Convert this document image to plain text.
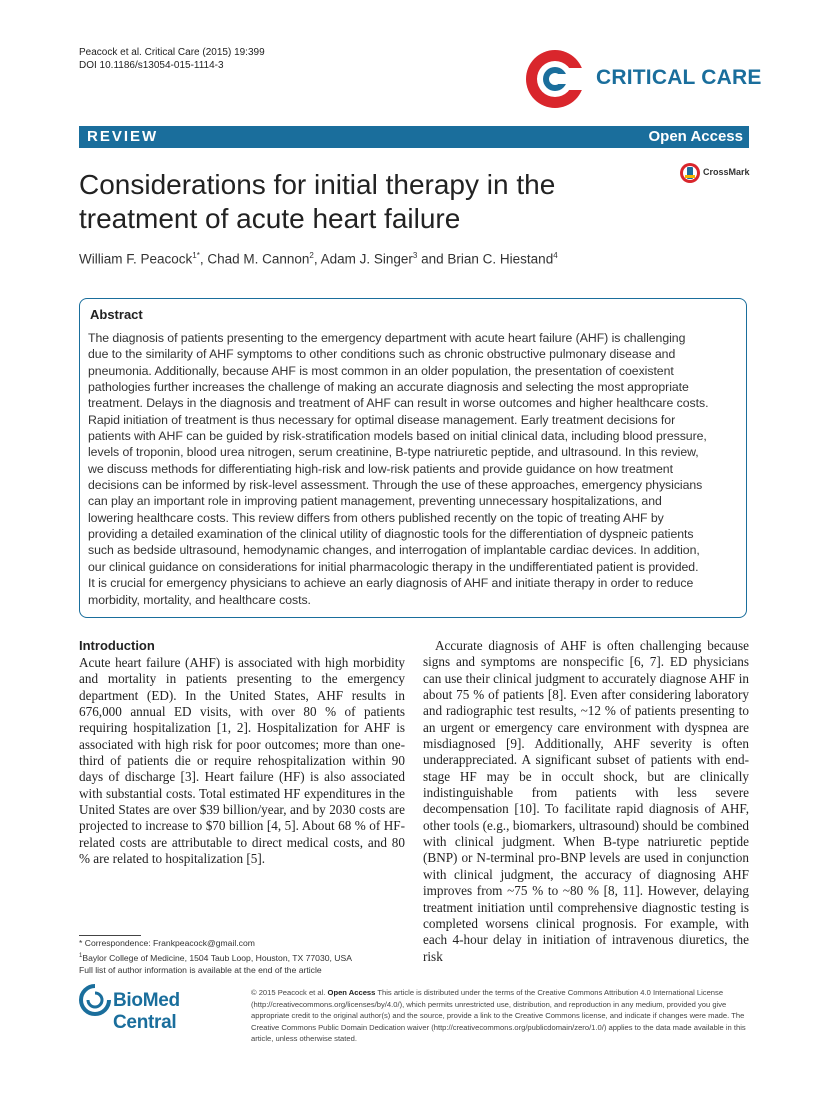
Peacock et al. Critical Care (2015) 19:399
DOI 10.1186/s13054-015-1114-3
CRITICAL CARE
REVIEW	Open Access
CrossMark
Considerations for initial therapy in the
treatment of acute heart failure
William F. Peacock$^{1*}$, Chad M. Cannon$^2$, Adam J. Singer$^3$ and Brian C. Hiestand$^4$
Abstract
The diagnosis of patients presenting to the emergency department with acute heart failure (AHF) is challenging
due to the similarity of AHF symptoms to other conditions such as chronic obstructive pulmonary disease and
pneumonia. Additionally, because AHF is most common in an older population, the presentation of coexistent
pathologies further increases the challenge of making an accurate diagnosis and selecting the most appropriate
treatment. Delays in the diagnosis and treatment of AHF can result in worse outcomes and higher healthcare costs.
Rapid initiation of treatment is thus necessary for optimal disease management. Early treatment decisions for
patients with AHF can be guided by risk-stratification models based on initial clinical data, including blood pressure,
levels of troponin, blood urea nitrogen, serum creatinine, B-type natriuretic peptide, and ultrasound. In this review,
we discuss methods for differentiating high-risk and low-risk patients and provide guidance on how treatment
decisions can be informed by risk-level assessment. Through the use of these approaches, emergency physicians
can play an important role in improving patient management, preventing unnecessary hospitalizations, and
lowering healthcare costs. This review differs from others published recently on the topic of treating AHF by
providing a detailed examination of the clinical utility of diagnostic tools for the differentiation of dyspneic patients
such as bedside ultrasound, hemodynamic changes, and interrogation of implantable cardiac devices. In addition,
our clinical guidance on considerations for initial pharmacologic therapy in the undifferentiated patient is provided.
It is crucial for emergency physicians to achieve an early diagnosis of AHF and initiate therapy in order to reduce
morbidity, mortality, and healthcare costs.
Introduction
Acute heart failure (AHF) is associated with high morbidity and mortality in patients presenting to the emergency department (ED). In the United States, AHF results in 676,000 annual ED visits, with over 80 % of patients requiring hospitalization [1, 2]. Hospitalization for AHF is associated with high risk for poor outcomes; more than one-third of patients die or require rehospitalization within 90 days of discharge [3]. Heart failure (HF) is also associated with substantial costs. Total estimated HF expenditures in the United States are over $39 billion/year, and by 2030 costs are projected to increase to $70 billion [4, 5]. About 68 % of HF-related costs are attributable to direct medical costs, and 80 % are related to hospitalization [5].
Accurate diagnosis of AHF is often challenging because signs and symptoms are nonspecific [6, 7]. ED physicians can use their clinical judgment to accurately diagnose AHF in about 75 % of patients [8]. Even after considering laboratory and radiographic test results, ~12 % of patients presenting to an urgent or emergency care environment with dyspnea are misdiagnosed [9]. Additionally, AHF severity is often underappreciated. A significant subset of patients with end-stage HF may be in occult shock, but are clinically indistinguishable from patients with less severe decompensation [10]. To facilitate rapid diagnosis of AHF, other tools (e.g., biomarkers, ultrasound) should be combined with clinical judgment. When B-type natriuretic peptide (BNP) or N-terminal pro-BNP levels are used in conjunction with clinical judgment, the accuracy of diagnosing AHF improves from ~75 % to ~80 % [8, 11]. However, delaying treatment initiation until comprehensive diagnostic testing is completed worsens clinical prognosis. For example, with each 4-hour delay in initiation of intravenous diuretics, the risk
* Correspondence: Frankpeacock@gmail.com
$^1$Baylor College of Medicine, 1504 Taub Loop, Houston, TX 77030, USA
Full list of author information is available at the end of the article
BioMed Central
© 2015 Peacock et al. Open Access This article is distributed under the terms of the Creative Commons Attribution 4.0 International License (http://creativecommons.org/licenses/by/4.0/), which permits unrestricted use, distribution, and reproduction in any medium, provided you give appropriate credit to the original author(s) and the source, provide a link to the Creative Commons license, and indicate if changes were made. The Creative Commons Public Domain Dedication waiver (http://creativecommons.org/publicdomain/zero/1.0/) applies to the data made available in this article, unless otherwise stated.
